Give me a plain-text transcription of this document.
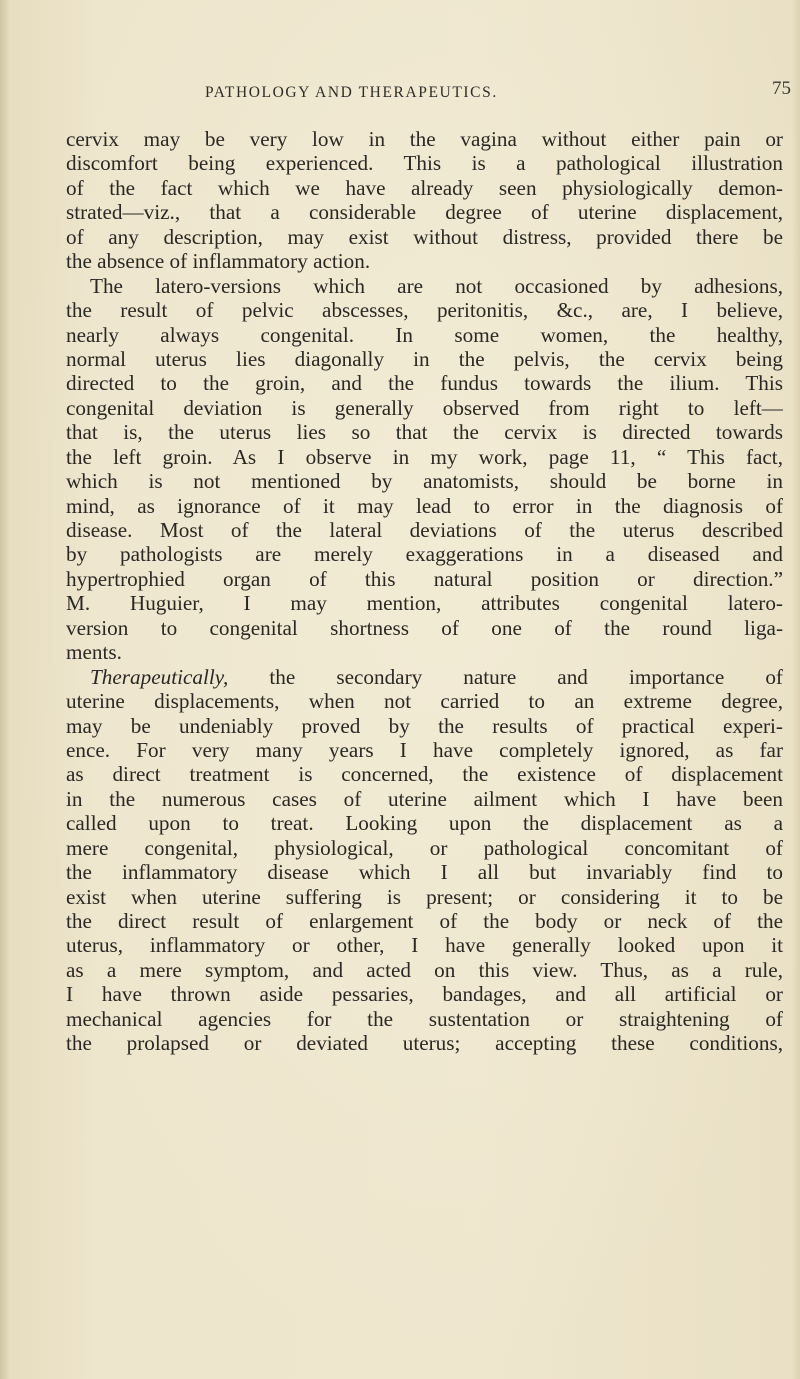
PATHOLOGY AND THERAPEUTICS.	75
cervix may be very low in the vagina without either pain or
discomfort being experienced. This is a pathological illustration
of the fact which we have already seen physiologically demon-
strated—viz., that a considerable degree of uterine displacement,
of any description, may exist without distress, provided there be
the absence of inflammatory action.
The latero-versions which are not occasioned by adhesions,
the result of pelvic abscesses, peritonitis, &c., are, I believe,
nearly always congenital. In some women, the healthy,
normal uterus lies diagonally in the pelvis, the cervix being
directed to the groin, and the fundus towards the ilium. This
congenital deviation is generally observed from right to left—
that is, the uterus lies so that the cervix is directed towards
the left groin. As I observe in my work, page 11, “ This fact,
which is not mentioned by anatomists, should be borne in
mind, as ignorance of it may lead to error in the diagnosis of
disease. Most of the lateral deviations of the uterus described
by pathologists are merely exaggerations in a diseased and
hypertrophied organ of this natural position or direction.”
M. Huguier, I may mention, attributes congenital latero-
version to congenital shortness of one of the round liga-
ments.
Therapeutically, the secondary nature and importance of
uterine displacements, when not carried to an extreme degree,
may be undeniably proved by the results of practical experi-
ence. For very many years I have completely ignored, as far
as direct treatment is concerned, the existence of displacement
in the numerous cases of uterine ailment which I have been
called upon to treat. Looking upon the displacement as a
mere congenital, physiological, or pathological concomitant of
the inflammatory disease which I all but invariably find to
exist when uterine suffering is present; or considering it to be
the direct result of enlargement of the body or neck of the
uterus, inflammatory or other, I have generally looked upon it
as a mere symptom, and acted on this view. Thus, as a rule,
I have thrown aside pessaries, bandages, and all artificial or
mechanical agencies for the sustentation or straightening of
the prolapsed or deviated uterus; accepting these conditions,
